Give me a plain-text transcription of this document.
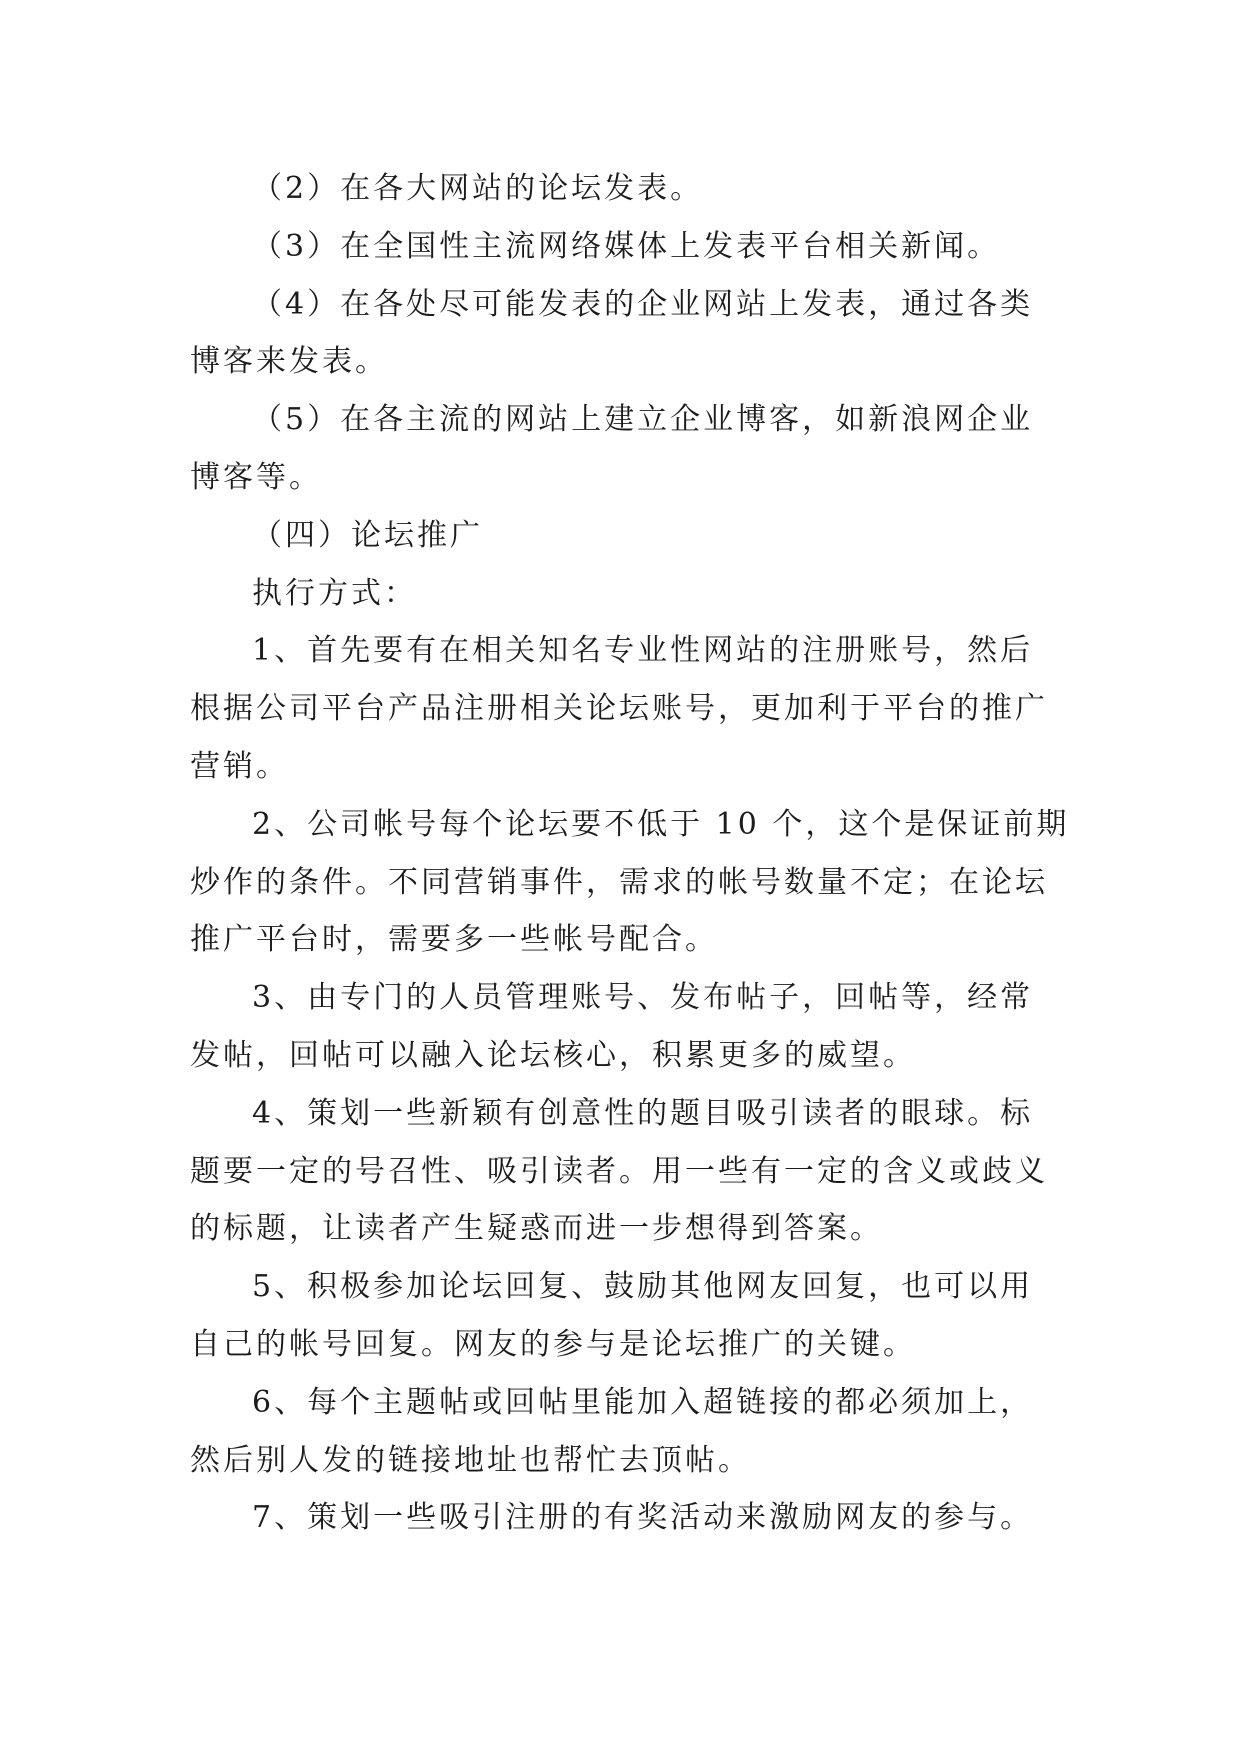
（2）在各大网站的论坛发表。

（3）在全国性主流网络媒体上发表平台相关新闻。

（4）在各处尽可能发表的企业网站上发表，通过各类
博客来发表。

（5）在各主流的网站上建立企业博客，如新浪网企业
博客等。

（四）论坛推广

执行方式：

1、首先要有在相关知名专业性网站的注册账号，然后
根据公司平台产品注册相关论坛账号，更加利于平台的推广
营销。

2、公司帐号每个论坛要不低于 10 个，这个是保证前期
炒作的条件。不同营销事件，需求的帐号数量不定；在论坛
推广平台时，需要多一些帐号配合。

3、由专门的人员管理账号、发布帖子，回帖等，经常
发帖，回帖可以融入论坛核心，积累更多的威望。

4、策划一些新颖有创意性的题目吸引读者的眼球。标
题要一定的号召性、吸引读者。用一些有一定的含义或歧义
的标题，让读者产生疑惑而进一步想得到答案。

5、积极参加论坛回复、鼓励其他网友回复，也可以用
自己的帐号回复。网友的参与是论坛推广的关键。

6、每个主题帖或回帖里能加入超链接的都必须加上，
然后别人发的链接地址也帮忙去顶帖。

7、策划一些吸引注册的有奖活动来激励网友的参与。
